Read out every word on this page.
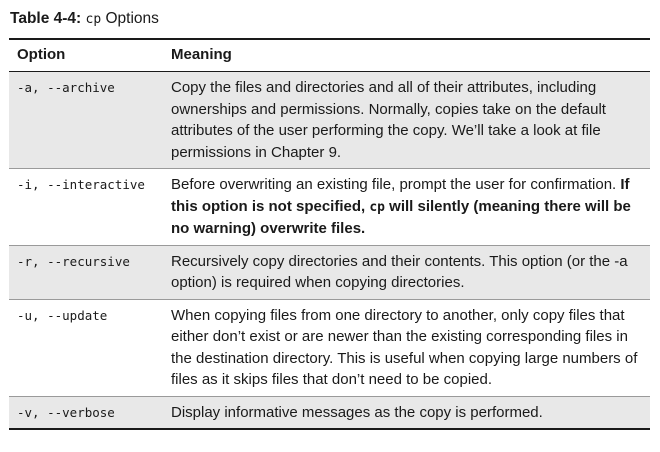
Table 4-4: cp Options
Option	Meaning
-a, --archive	Copy the files and directories and all of their attributes, including ownerships and permissions. Normally, copies take on the default attributes of the user performing the copy. We’ll take a look at file permissions in Chapter 9.
-i, --interactive	Before overwriting an existing file, prompt the user for confirmation. If this option is not specified, cp will silently (meaning there will be no warning) overwrite files.
-r, --recursive	Recursively copy directories and their contents. This option (or the -a option) is required when copying directories.
-u, --update	When copying files from one directory to another, only copy files that either don’t exist or are newer than the existing corresponding files in the destination directory. This is useful when copying large numbers of files as it skips files that don’t need to be copied.
-v, --verbose	Display informative messages as the copy is performed.
